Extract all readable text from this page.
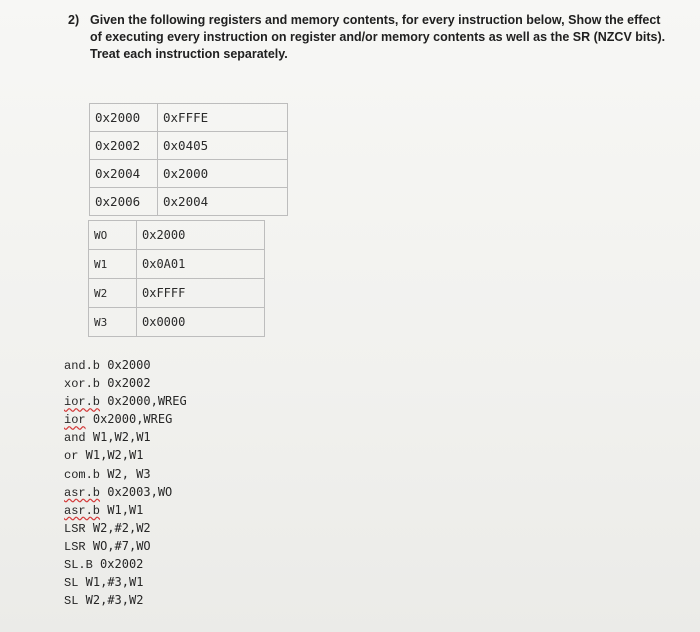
2) Given the following registers and memory contents, for every instruction below, Show the effect of executing every instruction on register and/or memory contents as well as the SR (NZCV bits). Treat each instruction separately.
0x2000	0xFFFE
0x2002	0x0405
0x2004	0x2000
0x2006	0x2004
WO	0x2000
W1	0x0A01
W2	0xFFFF
W3	0x0000
and.b 0x2000
xor.b 0x2002
ior.b 0x2000,WREG
ior 0x2000,WREG
and W1,W2,W1
or W1,W2,W1
com.b W2, W3
asr.b 0x2003,WO
asr.b W1,W1
LSR W2,#2,W2
LSR WO,#7,WO
SL.B 0x2002
SL W1,#3,W1
SL W2,#3,W2
